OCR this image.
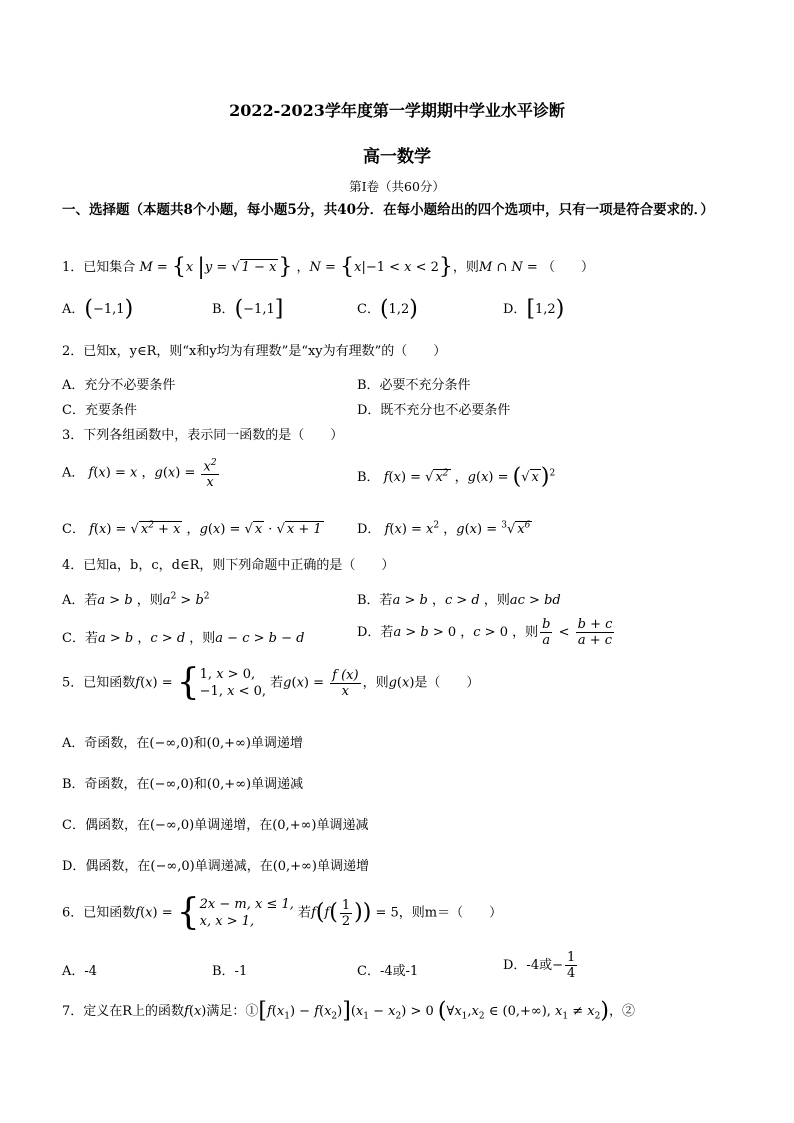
2022-2023学年度第一学期期中学业水平诊断
高一数学
第Ⅰ卷（共60分）
一、选择题（本题共8个小题，每小题5分，共40分．在每小题给出的四个选项中，只有一项是符合要求的．）
1．已知集合 M = {x |y = √ 1 − x} ，N = {x|−1 < x < 2}，则M ∩ N = （　　）
A．(−1,1)	B．(−1,1]	C．(1,2)	D．[1,2)
2．已知x，y∈R，则“x和y均为有理数”是“xy为有理数”的（　　）
A．充分不必要条件	B．必要不充分条件
C．充要条件	D．既不充分也不必要条件
3．下列各组函数中，表示同一函数的是（　　）
A． f(x) = x ，$g(x) = \frac{x^2}{x}$	B． f(x) = √ $x^2$ ，g(x) = (√ x)$^2$
C． f(x) = √ $x^2 + x$ ，g(x) = √ x · √ x + 1	D． $f(x) = x^2$ ，g(x) = $^3$√ $x^6$
4．已知a，b，c，d∈R，则下列命题中正确的是（　　）
A．若a > b ，则$a^2 > b^2$	B．若a > b ，c > d ，则ac > bd
C．若a > b ，c > d ，则a − c > b − d	D．若a > b > 0 ，c > 0 ，则 $\frac{b}{a} < \frac{b + c}{a + c}$
5．已知函数f(x) = { 1, x > 0,
−1, x < 0,
若$g(x) = \frac{f (x)}{x}$ ，则g(x)是（　　）
A．奇函数，在(−∞,0)和(0,+∞)单调递增
B．奇函数，在(−∞,0)和(0,+∞)单调递减
C．偶函数，在(−∞,0)单调递增，在(0,+∞)单调递减
D．偶函数，在(−∞,0)单调递减，在(0,+∞)单调递增
6．已知函数f(x) = { 2x − m, x ≤ 1,
x, x > 1,
若$f(f( \frac{1}{2}$ )) = 5，则m＝（　　）
A．-4	B．-1	C．-4或-1	D．-4或− $\frac{1}{4}$
7．定义在R上的函数f(x)满足：$①[f(x_1) - f(x_2)](x_1 - x_2) > 0$ ($\forall x_1,x_2$ ∈ (0,+∞), $x_1 \ne x_2$)，②
